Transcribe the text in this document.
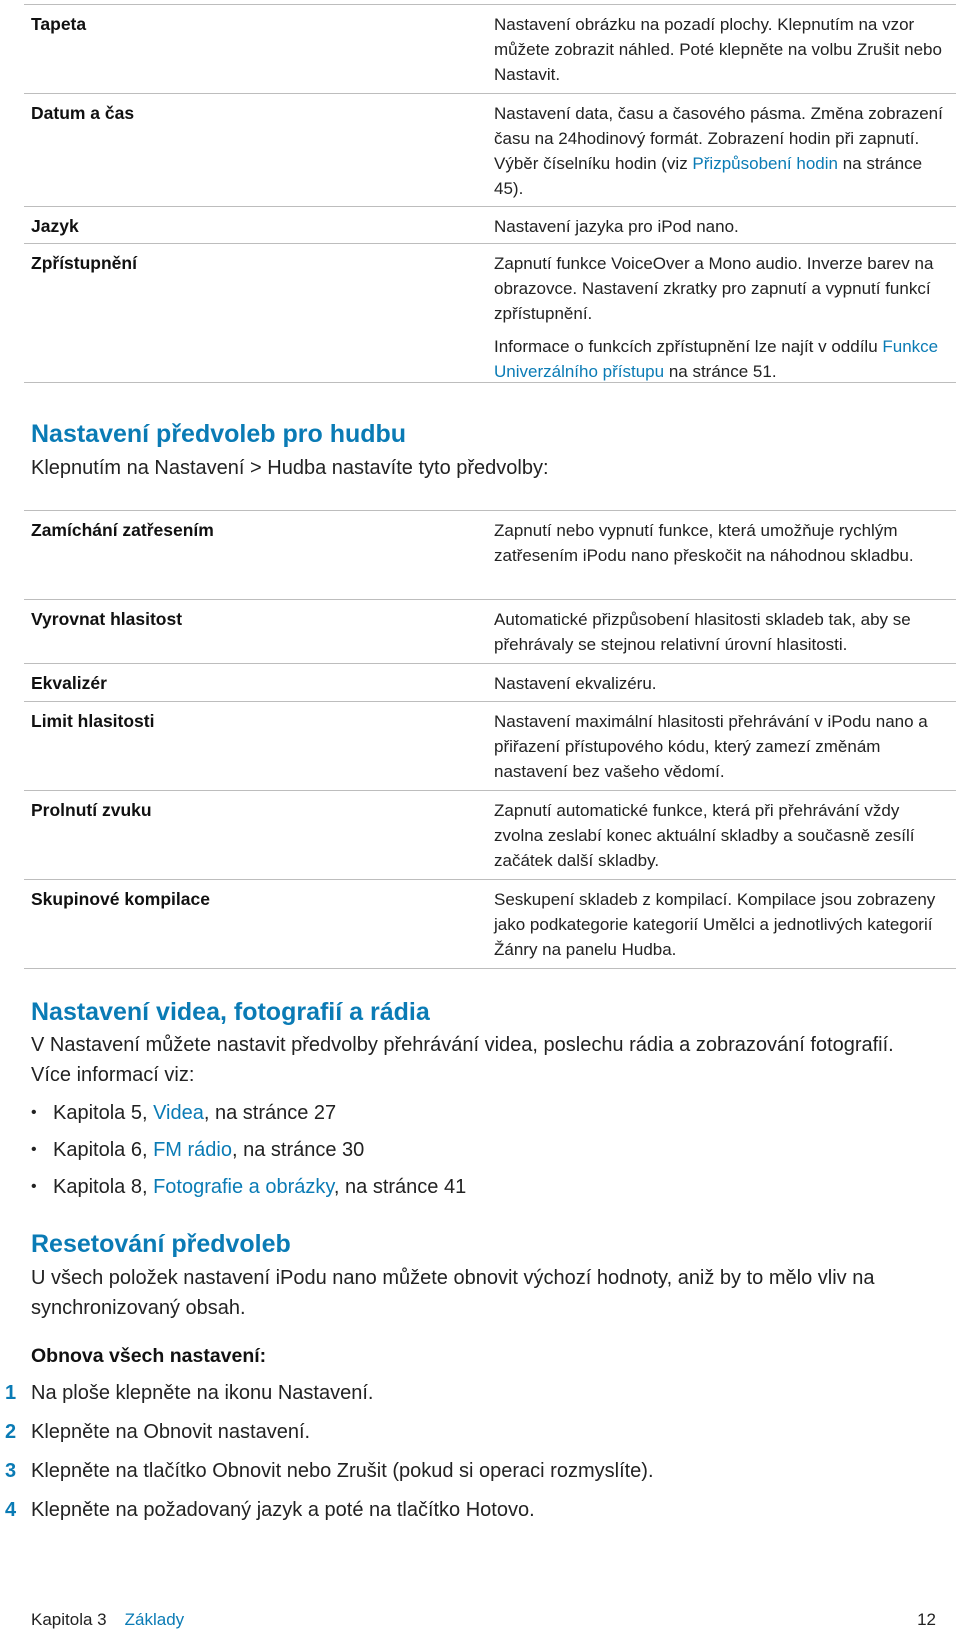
Tapeta	Nastavení obrázku na pozadí plochy. Klepnutím na vzor můžete zobrazit náhled. Poté klepněte na volbu Zrušit nebo Nastavit.

Datum a čas	Nastavení data, času a časového pásma. Změna zobrazení času na 24hodinový formát. Zobrazení hodin při zapnutí. Výběr číselníku hodin (viz Přizpůsobení hodin na stránce 45).

Jazyk	Nastavení jazyka pro iPod nano.

Zpřístupnění	Zapnutí funkce VoiceOver a Mono audio. Inverze barev na obrazovce. Nastavení zkratky pro zapnutí a vypnutí funkcí zpřístupnění.

Informace o funkcích zpřístupnění lze najít v oddílu Funkce Univerzálního přístupu na stránce 51.

Nastavení předvoleb pro hudbu

Klepnutím na Nastavení > Hudba nastavíte tyto předvolby:

Zamíchání zatřesením	Zapnutí nebo vypnutí funkce, která umožňuje rychlým zatřesením iPodu nano přeskočit na náhodnou skladbu.

Vyrovnat hlasitost	Automatické přizpůsobení hlasitosti skladeb tak, aby se přehrávaly se stejnou relativní úrovní hlasitosti.

Ekvalizér	Nastavení ekvalizéru.

Limit hlasitosti	Nastavení maximální hlasitosti přehrávání v iPodu nano a přiřazení přístupového kódu, který zamezí změnám nastavení bez vašeho vědomí.

Prolnutí zvuku	Zapnutí automatické funkce, která při přehrávání vždy zvolna zeslabí konec aktuální skladby a současně zesílí začátek další skladby.

Skupinové kompilace	Seskupení skladeb z kompilací. Kompilace jsou zobrazeny jako podkategorie kategorií Umělci a jednotlivých kategorií Žánry na panelu Hudba.

Nastavení videa, fotografií a rádia

V Nastavení můžete nastavit předvolby přehrávání videa, poslechu rádia a zobrazování fotografií. Více informací viz:

• Kapitola 5, Videa, na stránce 27
• Kapitola 6, FM rádio, na stránce 30
• Kapitola 8, Fotografie a obrázky, na stránce 41
Resetování předvoleb

U všech položek nastavení iPodu nano můžete obnovit výchozí hodnoty, aniž by to mělo vliv na synchronizovaný obsah.

Obnova všech nastavení:

1 Na ploše klepněte na ikonu Nastavení.
2 Klepněte na Obnovit nastavení.
3 Klepněte na tlačítko Obnovit nebo Zrušit (pokud si operaci rozmyslíte).
4 Klepněte na požadovaný jazyk a poté na tlačítko Hotovo.
Kapitola 3 Základy	12
